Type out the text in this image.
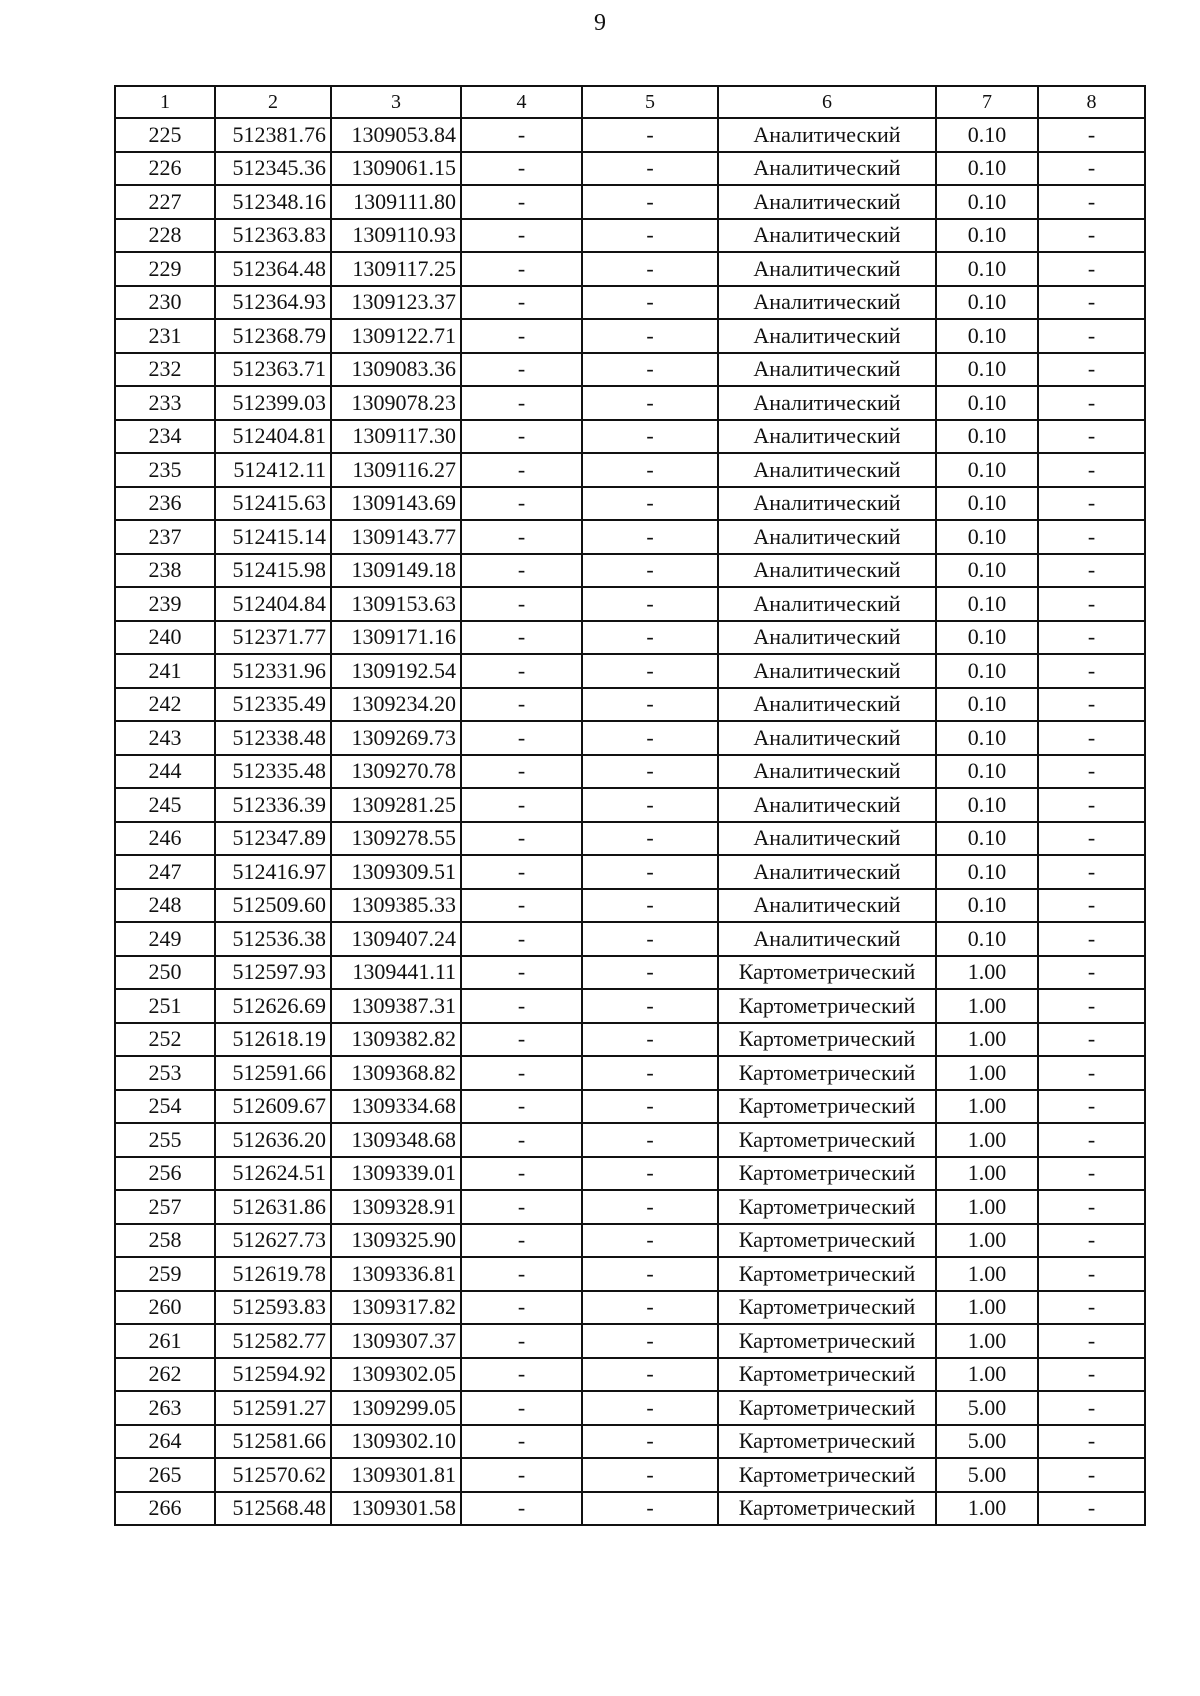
9
1	2	3	4	5	6	7	8
225	512381.76	1309053.84	-	-	Аналитический	0.10	-
226	512345.36	1309061.15	-	-	Аналитический	0.10	-
227	512348.16	1309111.80	-	-	Аналитический	0.10	-
228	512363.83	1309110.93	-	-	Аналитический	0.10	-
229	512364.48	1309117.25	-	-	Аналитический	0.10	-
230	512364.93	1309123.37	-	-	Аналитический	0.10	-
231	512368.79	1309122.71	-	-	Аналитический	0.10	-
232	512363.71	1309083.36	-	-	Аналитический	0.10	-
233	512399.03	1309078.23	-	-	Аналитический	0.10	-
234	512404.81	1309117.30	-	-	Аналитический	0.10	-
235	512412.11	1309116.27	-	-	Аналитический	0.10	-
236	512415.63	1309143.69	-	-	Аналитический	0.10	-
237	512415.14	1309143.77	-	-	Аналитический	0.10	-
238	512415.98	1309149.18	-	-	Аналитический	0.10	-
239	512404.84	1309153.63	-	-	Аналитический	0.10	-
240	512371.77	1309171.16	-	-	Аналитический	0.10	-
241	512331.96	1309192.54	-	-	Аналитический	0.10	-
242	512335.49	1309234.20	-	-	Аналитический	0.10	-
243	512338.48	1309269.73	-	-	Аналитический	0.10	-
244	512335.48	1309270.78	-	-	Аналитический	0.10	-
245	512336.39	1309281.25	-	-	Аналитический	0.10	-
246	512347.89	1309278.55	-	-	Аналитический	0.10	-
247	512416.97	1309309.51	-	-	Аналитический	0.10	-
248	512509.60	1309385.33	-	-	Аналитический	0.10	-
249	512536.38	1309407.24	-	-	Аналитический	0.10	-
250	512597.93	1309441.11	-	-	Картометрический	1.00	-
251	512626.69	1309387.31	-	-	Картометрический	1.00	-
252	512618.19	1309382.82	-	-	Картометрический	1.00	-
253	512591.66	1309368.82	-	-	Картометрический	1.00	-
254	512609.67	1309334.68	-	-	Картометрический	1.00	-
255	512636.20	1309348.68	-	-	Картометрический	1.00	-
256	512624.51	1309339.01	-	-	Картометрический	1.00	-
257	512631.86	1309328.91	-	-	Картометрический	1.00	-
258	512627.73	1309325.90	-	-	Картометрический	1.00	-
259	512619.78	1309336.81	-	-	Картометрический	1.00	-
260	512593.83	1309317.82	-	-	Картометрический	1.00	-
261	512582.77	1309307.37	-	-	Картометрический	1.00	-
262	512594.92	1309302.05	-	-	Картометрический	1.00	-
263	512591.27	1309299.05	-	-	Картометрический	5.00	-
264	512581.66	1309302.10	-	-	Картометрический	5.00	-
265	512570.62	1309301.81	-	-	Картометрический	5.00	-
266	512568.48	1309301.58	-	-	Картометрический	1.00	-
